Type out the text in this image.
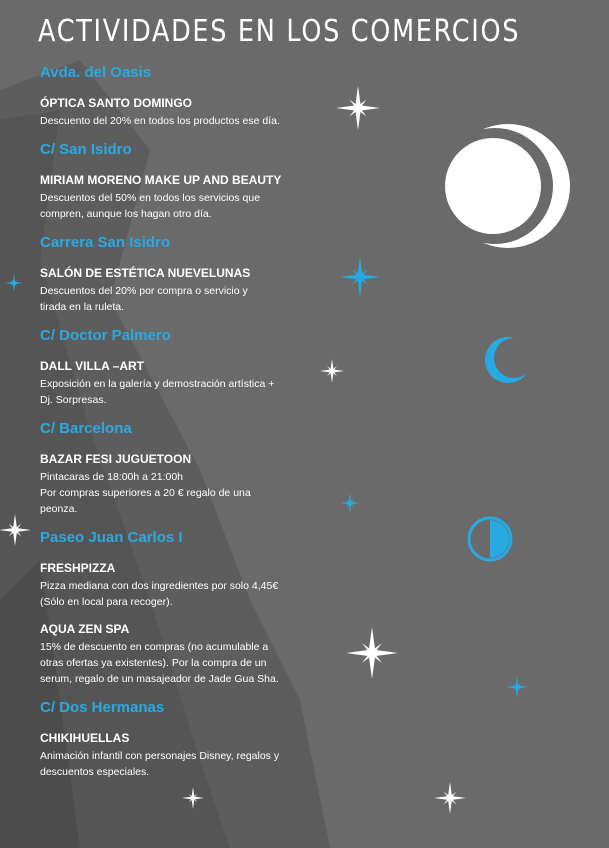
ACTIVIDADES EN LOS COMERCIOS

Avda. del Oasis

ÓPTICA SANTO DOMINGO

Descuento del 20% en todos los productos ese día.

C/ San Isidro

MIRIAM MORENO MAKE UP AND BEAUTY

Descuentos del 50% en todos los servicios que
compren, aunque los hagan otro día.

Carrera San Isidro

SALÓN DE ESTÉTICA NUEVELUNAS

Descuentos del 20% por compra o servicio y
tirada en la ruleta.

C/ Doctor Palmero

DALL VILLA –ART

Exposición en la galería y demostración artística +
Dj. Sorpresas.

C/ Barcelona

BAZAR FESI JUGUETOON

Pintacaras de 18:00h a 21:00h
Por compras superiores a 20 € regalo de una
peonza.

Paseo Juan Carlos I

FRESHPIZZA

Pizza mediana con dos ingredientes por solo 4,45€
(Sólo en local para recoger).

AQUA ZEN SPA

15% de descuento en compras (no acumulable a
otras ofertas ya existentes). Por la compra de un
serum, regalo de un masajeador de Jade Gua Sha.

C/ Dos Hermanas

CHIKIHUELLAS

Animación infantil con personajes Disney, regalos y
descuentos especiales.
